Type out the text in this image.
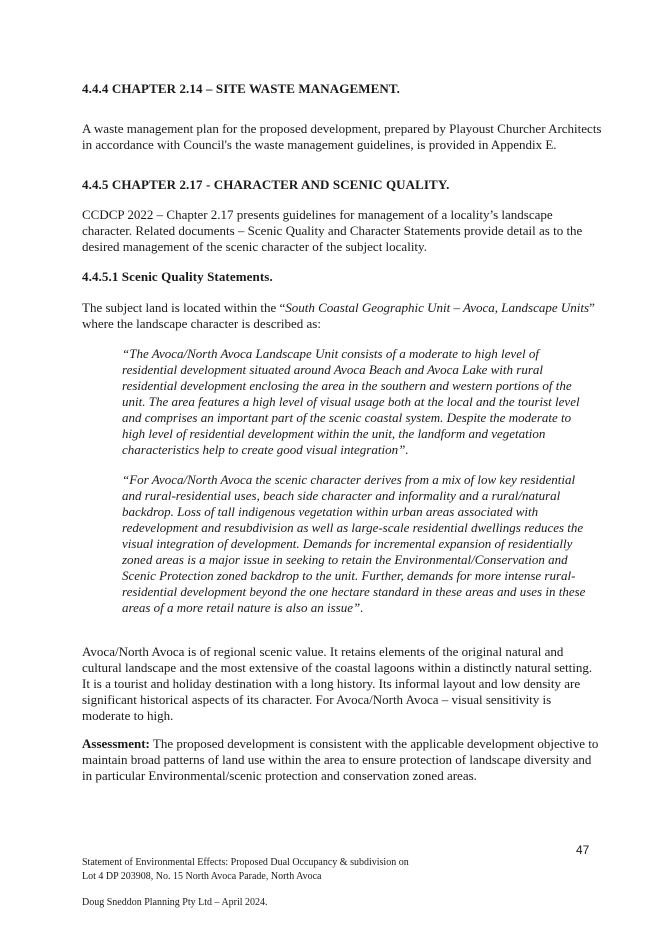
4.4.4 CHAPTER 2.14 – SITE WASTE MANAGEMENT.

A waste management plan for the proposed development, prepared by Playoust Churcher Architects in accordance with Council's the waste management guidelines, is provided in Appendix E.

4.4.5 CHAPTER 2.17 - CHARACTER AND SCENIC QUALITY.

CCDCP 2022 – Chapter 2.17 presents guidelines for management of a locality’s landscape character. Related documents – Scenic Quality and Character Statements provide detail as to the desired management of the scenic character of the subject locality.

4.4.5.1 Scenic Quality Statements.

The subject land is located within the “South Coastal Geographic Unit – Avoca, Landscape Units” where the landscape character is described as:

“The Avoca/North Avoca Landscape Unit consists of a moderate to high level of residential development situated around Avoca Beach and Avoca Lake with rural residential development enclosing the area in the southern and western portions of the unit. The area features a high level of visual usage both at the local and the tourist level and comprises an important part of the scenic coastal system. Despite the moderate to high level of residential development within the unit, the landform and vegetation characteristics help to create good visual integration”.

“For Avoca/North Avoca the scenic character derives from a mix of low key residential and rural-residential uses, beach side character and informality and a rural/natural backdrop. Loss of tall indigenous vegetation within urban areas associated with redevelopment and resubdivision as well as large-scale residential dwellings reduces the visual integration of development. Demands for incremental expansion of residentially zoned areas is a major issue in seeking to retain the Environmental/Conservation and Scenic Protection zoned backdrop to the unit. Further, demands for more intense rural-residential development beyond the one hectare standard in these areas and uses in these areas of a more retail nature is also an issue”.

Avoca/North Avoca is of regional scenic value. It retains elements of the original natural and cultural landscape and the most extensive of the coastal lagoons within a distinctly natural setting. It is a tourist and holiday destination with a long history. Its informal layout and low density are significant historical aspects of its character. For Avoca/North Avoca – visual sensitivity is moderate to high.

Assessment: The proposed development is consistent with the applicable development objective to maintain broad patterns of land use within the area to ensure protection of landscape diversity and in particular Environmental/scenic protection and conservation zoned areas.

47
Statement of Environmental Effects: Proposed Dual Occupancy & subdivision on
Lot 4 DP 203908, No. 15 North Avoca Parade, North Avoca
Doug Sneddon Planning Pty Ltd – April 2024.
